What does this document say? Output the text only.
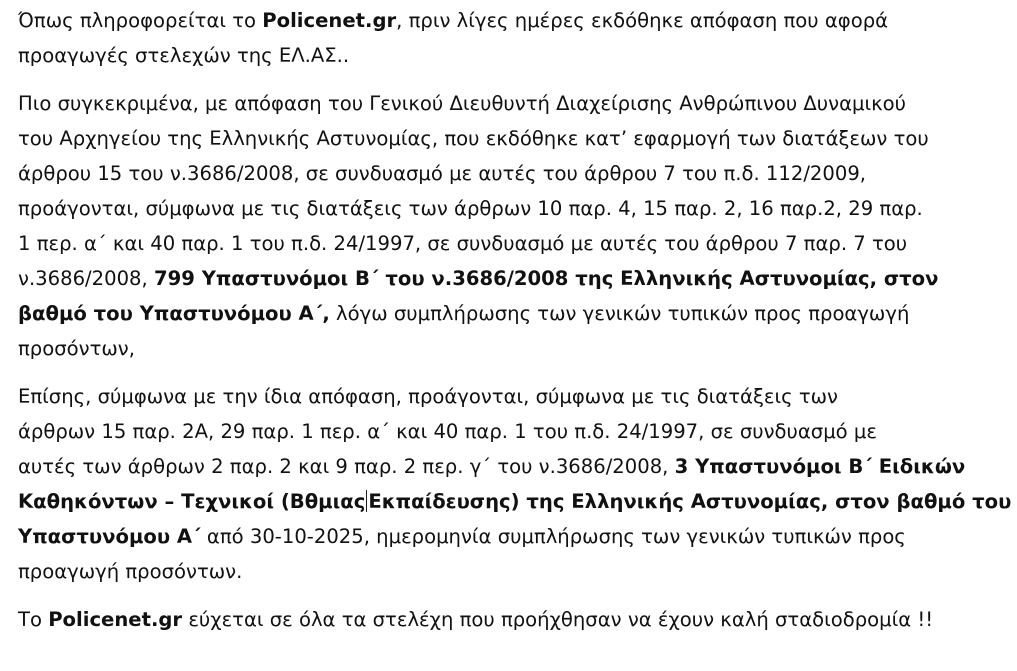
Όπως πληροφορείται το Policenet.gr, πριν λίγες ημέρες εκδόθηκε απόφαση που αφορά
προαγωγές στελεχών της ΕΛ.ΑΣ..
Πιο συγκεκριμένα, με απόφαση του Γενικού Διευθυντή Διαχείρισης Ανθρώπινου Δυναμικού
του Αρχηγείου της Ελληνικής Αστυνομίας, που εκδόθηκε κατ’ εφαρμογή των διατάξεων του
άρθρου 15 του ν.3686/2008, σε συνδυασμό με αυτές του άρθρου 7 του π.δ. 112/2009,
προάγονται, σύμφωνα με τις διατάξεις των άρθρων 10 παρ. 4, 15 παρ. 2, 16 παρ.2, 29 παρ.
1 περ. α΄ και 40 παρ. 1 του π.δ. 24/1997, σε συνδυασμό με αυτές του άρθρου 7 παρ. 7 του
ν.3686/2008, 799 Υπαστυνόμοι Β΄ του ν.3686/2008 της Ελληνικής Αστυνομίας, στον
βαθμό του Υπαστυνόμου Α΄, λόγω συμπλήρωσης των γενικών τυπικών προς προαγωγή
προσόντων,
Επίσης, σύμφωνα με την ίδια απόφαση, προάγονται, σύμφωνα με τις διατάξεις των
άρθρων 15 παρ. 2Α, 29 παρ. 1 περ. α΄ και 40 παρ. 1 του π.δ. 24/1997, σε συνδυασμό με
αυτές των άρθρων 2 παρ. 2 και 9 παρ. 2 περ. γ΄ του ν.3686/2008, 3 Υπαστυνόμοι Β΄ Ειδικών
Καθηκόντων – Τεχνικοί (Βθμιας Εκπαίδευσης) της Ελληνικής Αστυνομίας, στον βαθμό του
Υπαστυνόμου Α΄ από 30-10-2025, ημερομηνία συμπλήρωσης των γενικών τυπικών προς
προαγωγή προσόντων.
Το Policenet.gr εύχεται σε όλα τα στελέχη που προήχθησαν να έχουν καλή σταδιοδρομία !!
